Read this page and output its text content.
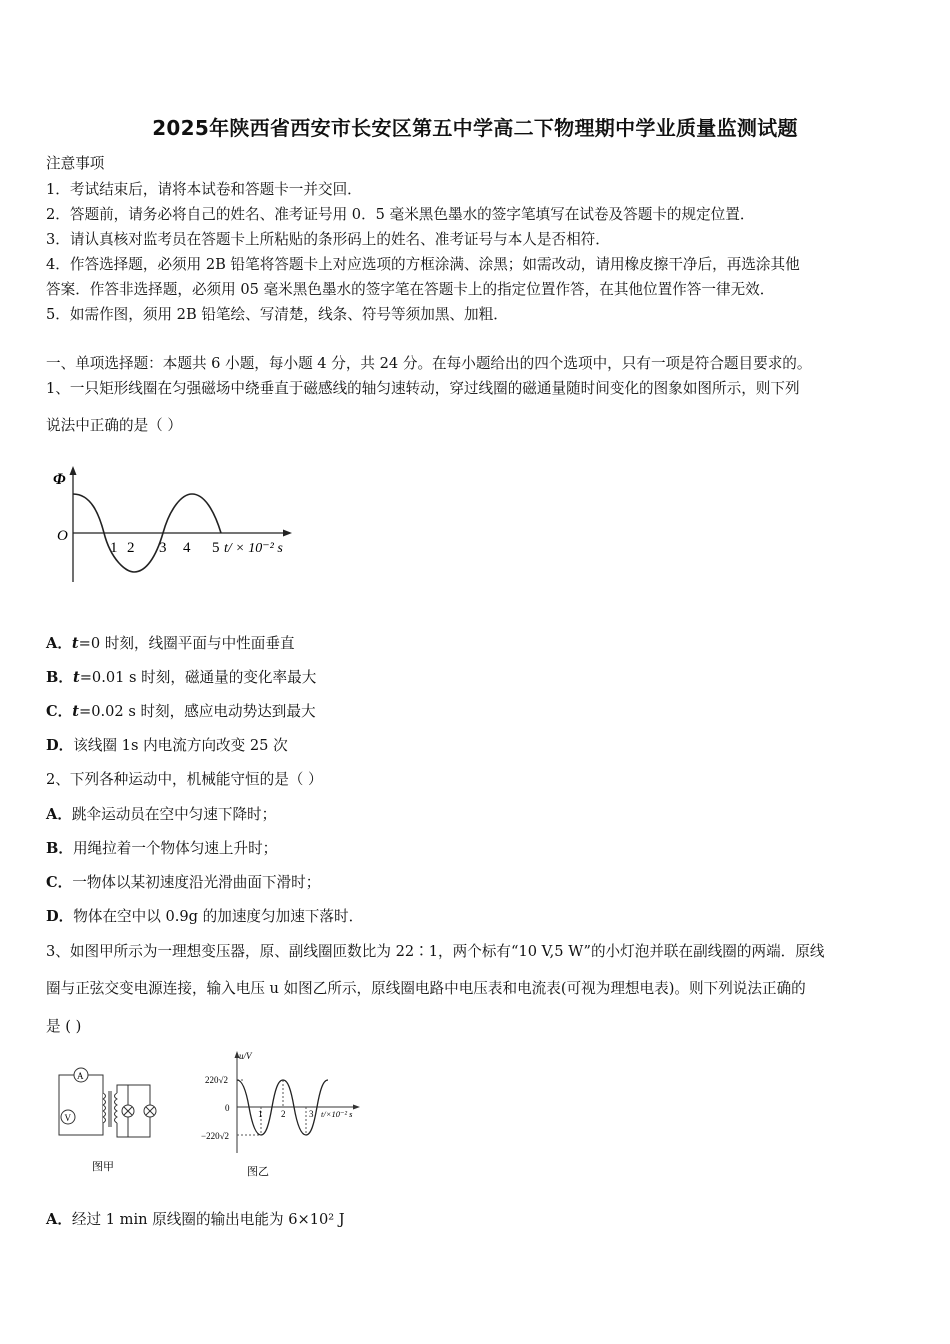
2025年陕西省西安市长安区第五中学高二下物理期中学业质量监测试题
注意事项
1．考试结束后，请将本试卷和答题卡一并交回．
2．答题前，请务必将自己的姓名、准考证号用 0．5 毫米黑色墨水的签字笔填写在试卷及答题卡的规定位置．
3．请认真核对监考员在答题卡上所粘贴的条形码上的姓名、准考证号与本人是否相符．
4．作答选择题，必须用 2B 铅笔将答题卡上对应选项的方框涂满、涂黑；如需改动，请用橡皮擦干净后，再选涂其他
答案．作答非选择题，必须用 05 毫米黑色墨水的签字笔在答题卡上的指定位置作答，在其他位置作答一律无效．
5．如需作图，须用 2B 铅笔绘、写清楚，线条、符号等须加黑、加粗．
一、单项选择题：本题共 6 小题，每小题 4 分，共 24 分。在每小题给出的四个选项中，只有一项是符合题目要求的。
1、一只矩形线圈在匀强磁场中绕垂直于磁感线的轴匀速转动，穿过线圈的磁通量随时间变化的图象如图所示，则下列
说法中正确的是（ ）
Φ
O
1 2 3 4 5 t/ × 10⁻² s
A．t=0 时刻，线圈平面与中性面垂直
B．t=0.01 s 时刻，磁通量的变化率最大
C．t=0.02 s 时刻，感应电动势达到最大
D．该线圈 1s 内电流方向改变 25 次
2、下列各种运动中，机械能守恒的是（ ）
A．跳伞运动员在空中匀速下降时；
B．用绳拉着一个物体匀速上升时；
C．一物体以某初速度沿光滑曲面下滑时；
D．物体在空中以 0.9g 的加速度匀加速下落时．
3、如图甲所示为一理想变压器，原、副线圈匝数比为 22∶1，两个标有“10 V,5 W”的小灯泡并联在副线圈的两端．原线
圈与正弦交变电源连接，输入电压 u 如图乙所示，原线圈电路中电压表和电流表(可视为理想电表)。则下列说法正确的
是 ( )
A
V
图甲
u/V
220√2
0
−220√2
1 2	3 t/×10⁻² s
图乙
A．经过 1 min 原线圈的输出电能为 6×10² J
